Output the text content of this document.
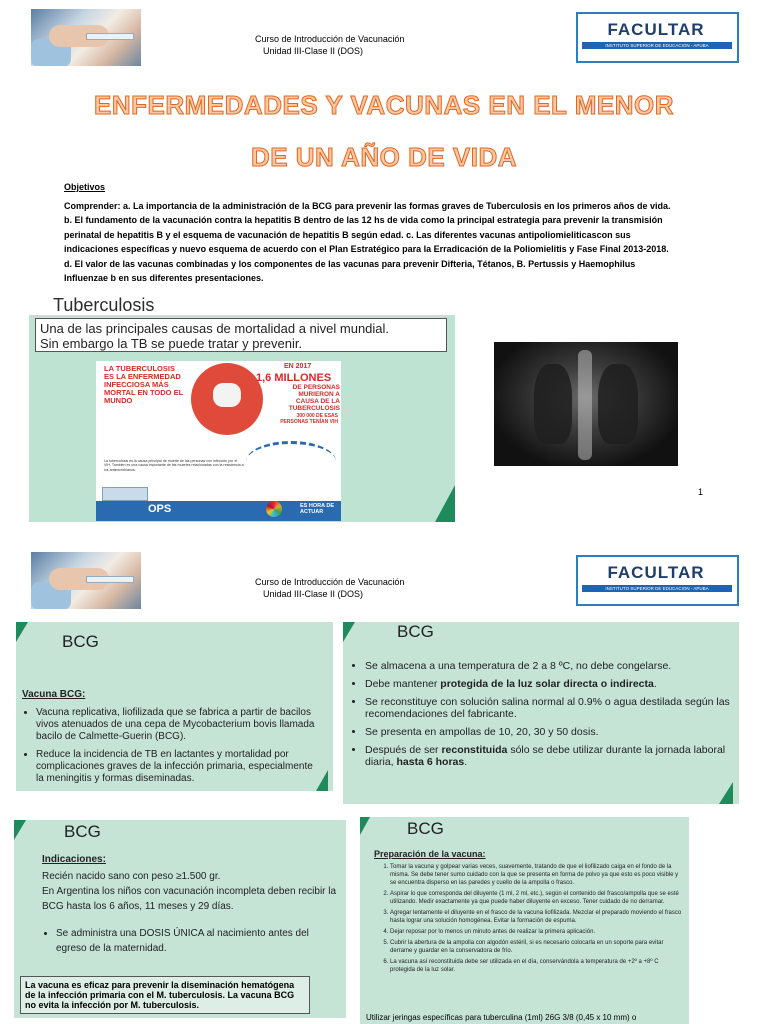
Curso de Introducción de Vacunación
Unidad III-Clase II (DOS)
FACULTAR
INSTITUTO SUPERIOR DE EDUCACION - APUBA
ENFERMEDADES Y VACUNAS EN EL MENOR
DE UN AÑO DE VIDA
Objetivos
Comprender: a. La importancia de la administración de la BCG para prevenir las formas graves de Tuberculosis en los primeros años de vida.
b. El fundamento de la vacunación contra la hepatitis B dentro de las 12 hs de vida como la principal estrategia para prevenir la transmisión
perinatal de hepatitis B y el esquema de vacunación de hepatitis B según edad. c. Las diferentes vacunas antipoliomieliticascon sus
indicaciones específicas y nuevo esquema de acuerdo con el Plan Estratégico para la Erradicación de la Poliomielitis y Fase Final 2013-2018.
d. El valor de las vacunas combinadas y los componentes de las vacunas para prevenir Difteria, Tétanos, B. Pertussis y Haemophilus
Influenzae b en sus diferentes presentaciones.
Tuberculosis
Una de las principales causas de mortalidad a nivel mundial.
Sin embargo la TB se puede tratar y prevenir.
LA TUBERCULOSIS ES LA ENFERMEDAD INFECCIOSA MÁS MORTAL EN TODO EL MUNDO
EN 2017
1,6 MILLONES
DE PERSONAS MURIERON A CAUSA DE LA TUBERCULOSIS
300 000 DE ESAS PERSONAS TENÍAN VIH
La tuberculosis es la causa principal de muerte de las personas con infección por el VIH. También es una causa importante de las muertes relacionadas con la resistencia a los antimicrobianos.
OPS	ES HORA DE ACTUAR
1
Curso de Introducción de Vacunación
Unidad III-Clase II (DOS)
FACULTAR
INSTITUTO SUPERIOR DE EDUCACION - APUBA
BCG
Vacuna BCG:
• Vacuna replicativa, liofilizada que se fabrica a partir de bacilos vivos atenuados de una cepa de Mycobacterium bovis llamada bacilo de Calmette-Guerin (BCG).
• Reduce la incidencia de TB en lactantes y mortalidad por complicaciones graves de la infección primaria, especialmente la meningitis y formas diseminadas.
BCG
• Se almacena a una temperatura de 2 a 8 ºC, no debe congelarse.
• Debe mantener protegida de la luz solar directa o indirecta.
• Se reconstituye con solución salina normal al 0.9% o agua destilada según las recomendaciones del fabricante.
• Se presenta en ampollas de 10, 20, 30 y 50 dosis.
• Después de ser reconstituida sólo se debe utilizar durante la jornada laboral diaria, hasta 6 horas.
BCG
Indicaciones:
Recién nacido sano con peso ≥1.500 gr.
En Argentina los niños con vacunación incompleta deben recibir la BCG hasta los 6 años, 11 meses y 29 días.
• Se administra una DOSIS ÚNICA al nacimiento antes del egreso de la maternidad.
La vacuna es eficaz para prevenir la diseminación hematógena de la infección primaria con el M. tuberculosis. La vacuna BCG no evita la infección por M. tuberculosis.
BCG
Preparación de la vacuna:
1. Tomar la vacuna y golpear varias veces, suavemente, tratando de que el liofilizado caiga en el fondo de la misma. Se debe tener sumo cuidado con la que se presenta en forma de polvo ya que esto es poco visible y se encuentra disperso en las paredes y cuello de la ampolla o frasco.
2. Aspirar lo que corresponda del diluyente (1 ml, 2 ml, etc.), según el contenido del frasco/ampolla que se esté utilizando. Medir exactamente ya que puede haber diluyente en exceso. Tener cuidado de no derramar.
3. Agregar lentamente el diluyente en el frasco de la vacuna liofilizada. Mezclar el preparado moviendo el frasco hasta lograr una solución homogénea. Evitar la formación de espuma.
4. Dejar reposar por lo menos un minuto antes de realizar la primera aplicación.
5. Cubrir la abertura de la ampolla con algodón estéril, si es necesario colocarla en un soporte para evitar derrame y guardar en la conservadora de frío.
6. La vacuna así reconstituida debe ser utilizada en el día, conservándola a temperatura de +2º a +8º C protegida de la luz solar.
Utilizar jeringas específicas para tuberculina (1ml) 26G 3/8 (0,45 x 10 mm) o
